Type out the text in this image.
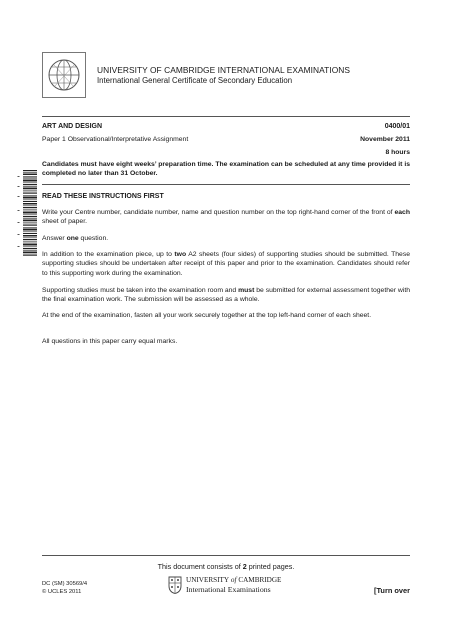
UNIVERSITY OF CAMBRIDGE INTERNATIONAL EXAMINATIONS
International General Certificate of Secondary Education
ART AND DESIGN	0400/01
Paper 1 Observational/Interpretative Assignment	November 2011
8 hours
Candidates must have eight weeks’ preparation time. The examination can be scheduled at any time provided it is completed no later than 31 October.
READ THESE INSTRUCTIONS FIRST
Write your Centre number, candidate number, name and question number on the top right-hand corner of the front of each sheet of paper.
Answer one question.
In addition to the examination piece, up to two A2 sheets (four sides) of supporting studies should be submitted. These supporting studies should be undertaken after receipt of this paper and prior to the examination. Candidates should refer to this supporting work during the examination.
Supporting studies must be taken into the examination room and must be submitted for external assessment together with the final examination work. The submission will be assessed as a whole.
At the end of the examination, fasten all your work securely together at the top left-hand corner of each sheet.
All questions in this paper carry equal marks.
This document consists of 2 printed pages.
DC (SM) 30569/4
© UCLES 2011
UNIVERSITY of CAMBRIDGE
International Examinations	[Turn over
